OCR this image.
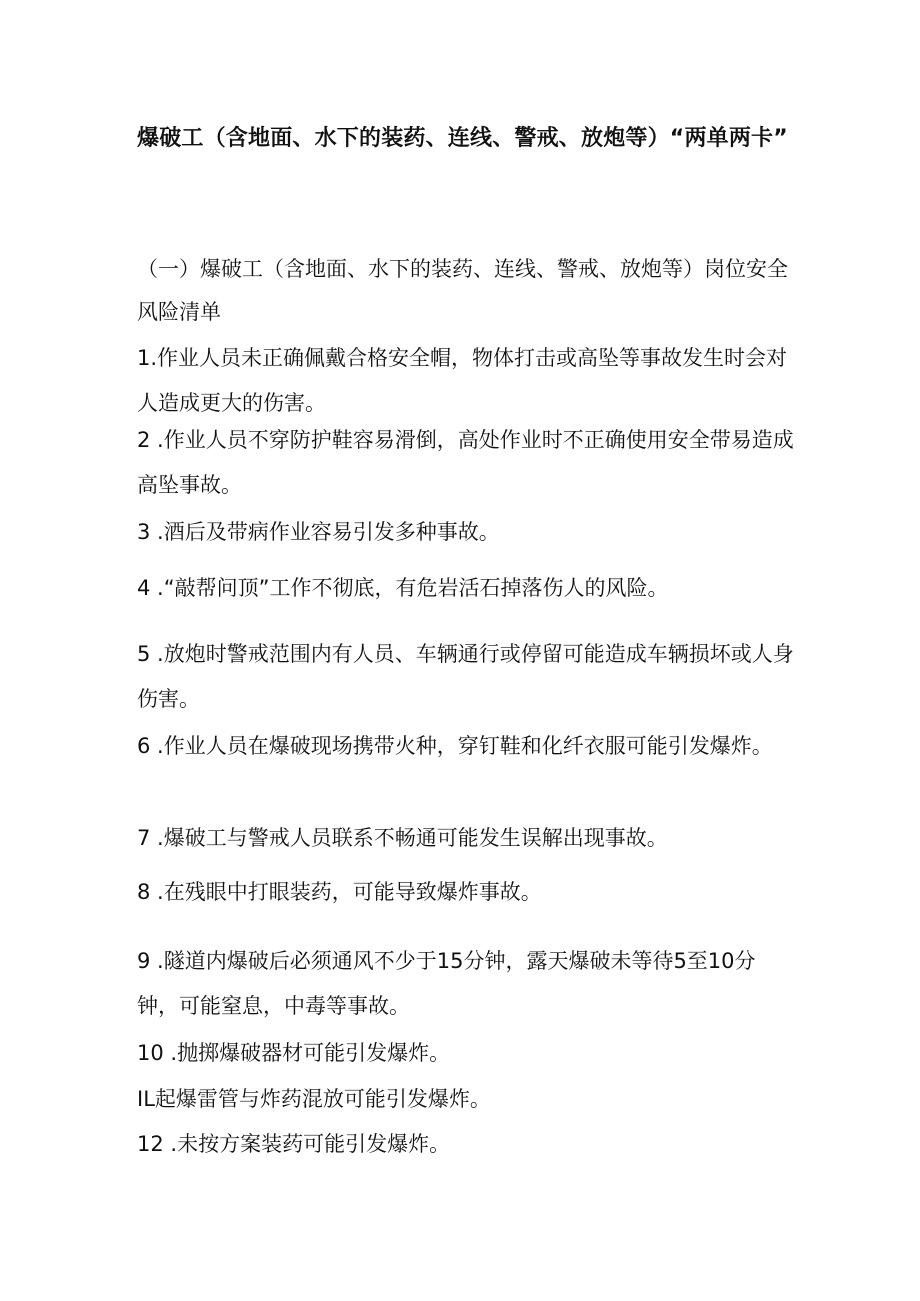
爆破工（含地面、水下的装药、连线、警戒、放炮等）“两单两卡”

（一）爆破工（含地面、水下的装药、连线、警戒、放炮等）岗位安全风险清单

1.作业人员未正确佩戴合格安全帽，物体打击或高坠等事故发生时会对人造成更大的伤害。

2 .作业人员不穿防护鞋容易滑倒，高处作业时不正确使用安全带易造成高坠事故。

3 .酒后及带病作业容易引发多种事故。

4 .“敲帮问顶”工作不彻底，有危岩活石掉落伤人的风险。

5 .放炮时警戒范围内有人员、车辆通行或停留可能造成车辆损坏或人身伤害。

6 .作业人员在爆破现场携带火种，穿钉鞋和化纤衣服可能引发爆炸。

7 .爆破工与警戒人员联系不畅通可能发生误解出现事故。

8 .在残眼中打眼装药，可能导致爆炸事故。

9 .隧道内爆破后必须通风不少于15分钟，露天爆破未等待5至10分钟，可能窒息，中毒等事故。

10 .抛掷爆破器材可能引发爆炸。

IL起爆雷管与炸药混放可能引发爆炸。

12 .未按方案装药可能引发爆炸。
